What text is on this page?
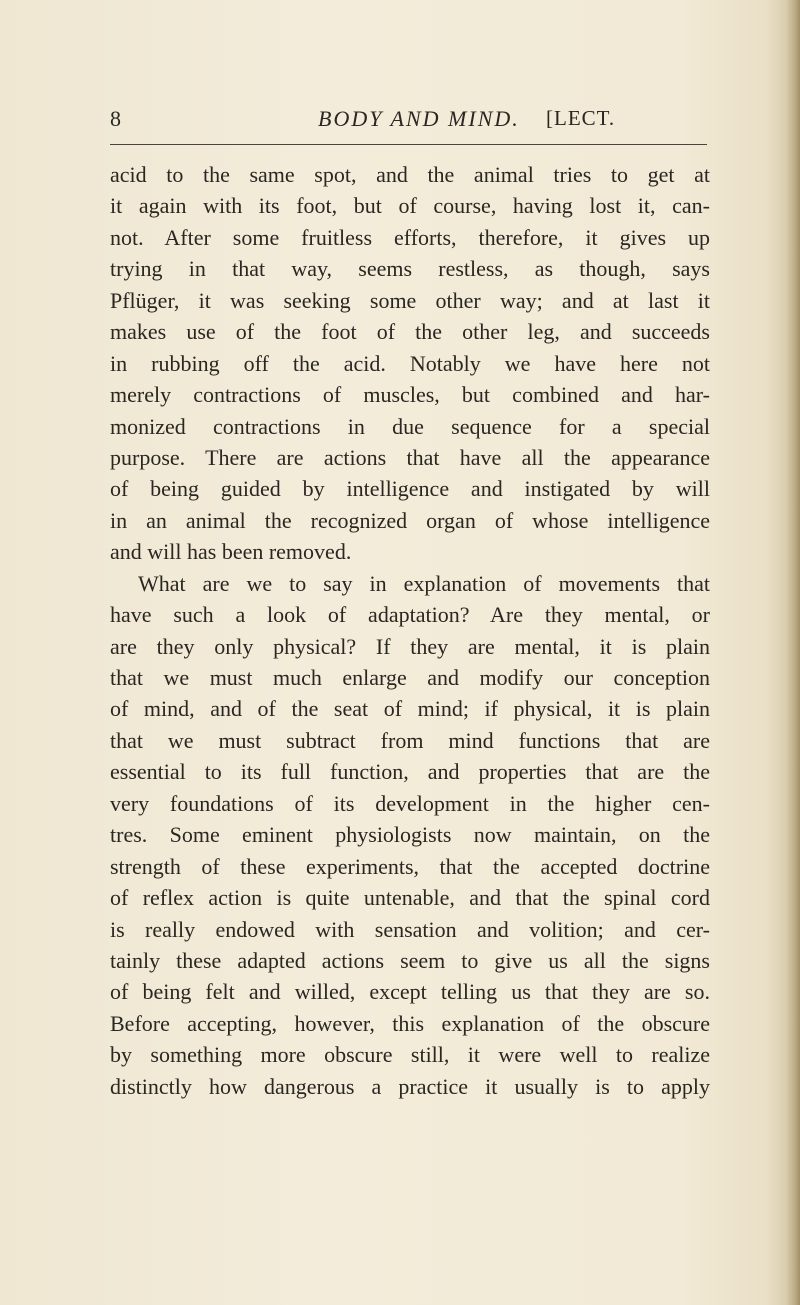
8	BODY AND MIND. [LECT.
acid to the same spot, and the animal tries to get at
it again with its foot, but of course, having lost it, can-
not. After some fruitless efforts, therefore, it gives up
trying in that way, seems restless, as though, says
Pflüger, it was seeking some other way; and at last it
makes use of the foot of the other leg, and succeeds
in rubbing off the acid. Notably we have here not
merely contractions of muscles, but combined and har-
monized contractions in due sequence for a special
purpose. There are actions that have all the appearance
of being guided by intelligence and instigated by will
in an animal the recognized organ of whose intelligence
and will has been removed.
What are we to say in explanation of movements that
have such a look of adaptation? Are they mental, or
are they only physical? If they are mental, it is plain
that we must much enlarge and modify our conception
of mind, and of the seat of mind; if physical, it is plain
that we must subtract from mind functions that are
essential to its full function, and properties that are the
very foundations of its development in the higher cen-
tres. Some eminent physiologists now maintain, on the
strength of these experiments, that the accepted doctrine
of reflex action is quite untenable, and that the spinal cord
is really endowed with sensation and volition; and cer-
tainly these adapted actions seem to give us all the signs
of being felt and willed, except telling us that they are so.
Before accepting, however, this explanation of the obscure
by something more obscure still, it were well to realize
distinctly how dangerous a practice it usually is to apply
